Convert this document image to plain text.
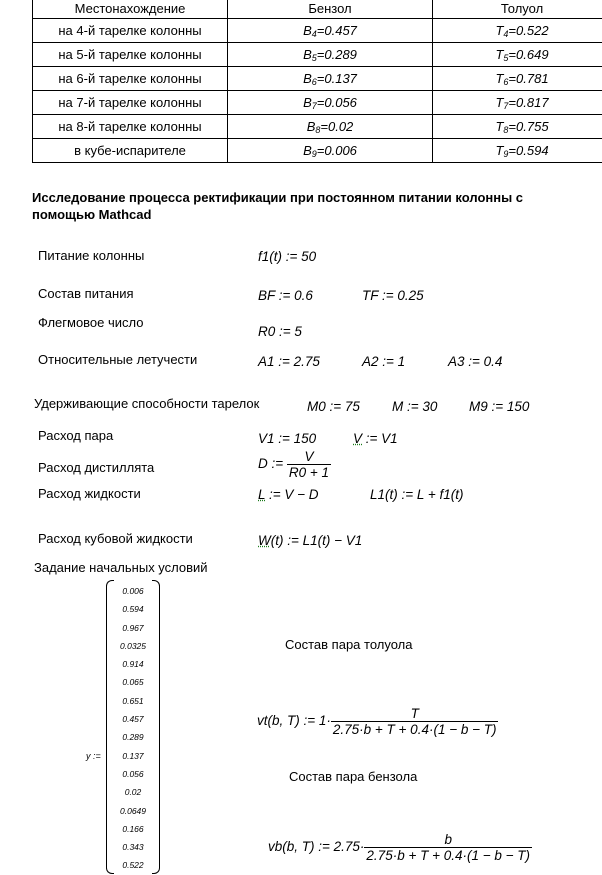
Местонахождение	Бензол	Толуол
на 4-й тарелке колонны	$B_4=0.457$	$T_4=0.522$
на 5-й тарелке колонны	$B_5=0.289$	$T_5=0.649$
на 6-й тарелке колонны	$B_6=0.137$	$T_6=0.781$
на 7-й тарелке колонны	$B_7=0.056$	$T_7=0.817$
на 8-й тарелке колонны	$B_8=0.02$	$T_8=0.755$
в кубе-испарителе	$B_9=0.006$	$T_9=0.594$
Исследование процесса ректификации при постоянном питании колонны с
помощью Mathcad
Питание колонны	f1(t) := 50
Состав питания	BF := 0.6	TF := 0.25
Флегмовое число
R0 := 5
Относительные летучести	A1 := 2.75	A2 := 1	A3 := 0.4
Удерживающие способности тарелок	M0 := 75 M := 30 M9 := 150
Расход пара	V1 := 150	V := V1
Расход дистиллята	D := $\frac{V}{R0 + 1}$
Расход жидкости	L := V − D	L1(t) := L + f1(t)
Расход кубовой жидкости	W(t) := L1(t) − V1
Задание начальных условий
y :=
0.006
0.594
0.967
0.0325
0.914
0.065
0.651
0.457
0.289
0.137
0.056
0.02
0.0649
0.166
0.343
0.522
Состав пара толуола
vt(b, T) := $1\cdot \frac{T}{2.75\cdot b + T + 0.4\cdot(1 - b - T)}$
Состав пара бензола
vb(b, T) := $2.75\cdot \frac{b}{2.75\cdot b + T + 0.4\cdot(1 - b - T)}$
